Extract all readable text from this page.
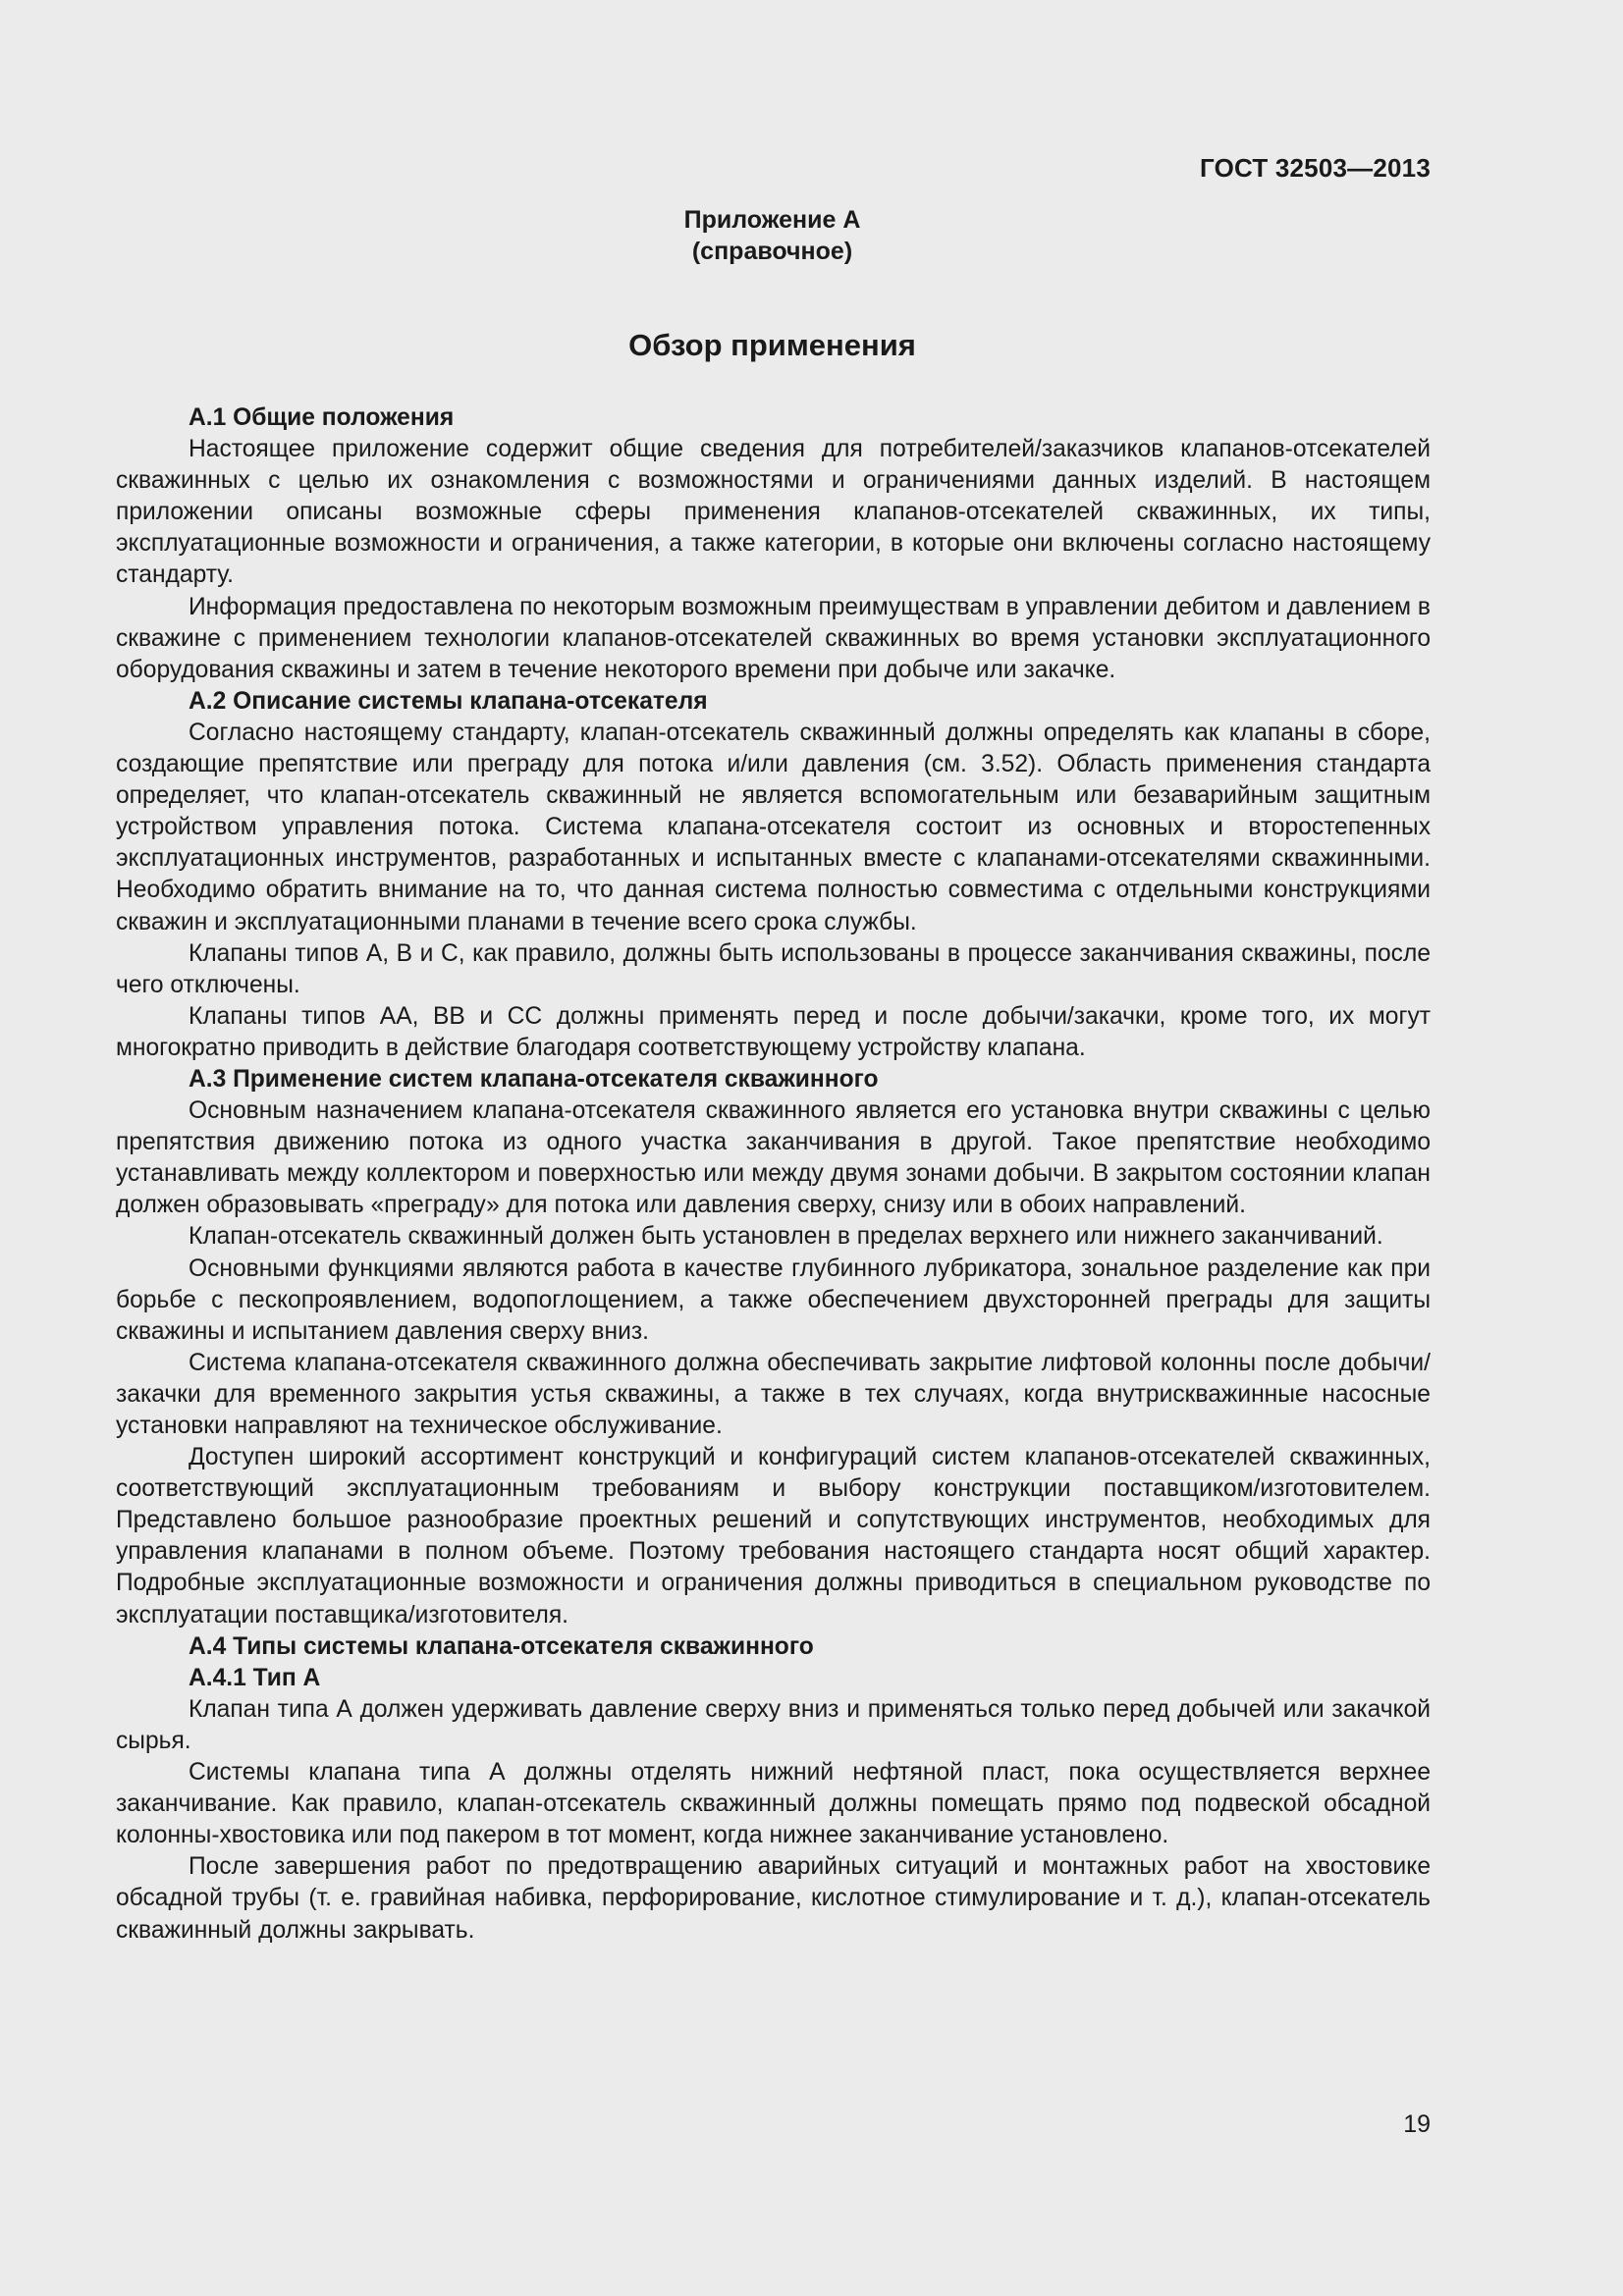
ГОСТ 32503—2013
Приложение А
(справочное)
Обзор применения
А.1 Общие положения

Настоящее приложение содержит общие сведения для потребителей/заказчиков клапанов-отсекателей скважинных с целью их ознакомления с возможностями и ограничениями данных изделий. В настоящем приложении описаны возможные сферы применения клапанов-отсекателей скважинных, их типы, эксплуатационные возможности и ограничения, а также категории, в которые они включены согласно настоящему стандарту.

Информация предоставлена по некоторым возможным преимуществам в управлении дебитом и давлением в скважине с применением технологии клапанов-отсекателей скважинных во время установки эксплуатационного оборудования скважины и затем в течение некоторого времени при добыче или закачке.

А.2 Описание системы клапана-отсекателя

Согласно настоящему стандарту, клапан-отсекатель скважинный должны определять как клапаны в сборе, создающие препятствие или преграду для потока и/или давления (см. 3.52). Область применения стандарта определяет, что клапан-отсекатель скважинный не является вспомогательным или безаварийным защитным устройством управления потока. Система клапана-отсекателя состоит из основных и второстепенных эксплуатационных инструментов, разработанных и испытанных вместе с клапанами-отсекателями скважинными. Необходимо обратить внимание на то, что данная система полностью совместима с отдельными конструкциями скважин и эксплуатационными планами в течение всего срока службы.

Клапаны типов А, В и С, как правило, должны быть использованы в процессе заканчивания скважины, после чего отключены.

Клапаны типов АА, ВВ и СС должны применять перед и после добычи/закачки, кроме того, их могут многократно приводить в действие благодаря соответствующему устройству клапана.

А.3 Применение систем клапана-отсекателя скважинного

Основным назначением клапана-отсекателя скважинного является его установка внутри скважины с целью препятствия движению потока из одного участка заканчивания в другой. Такое препятствие необходимо устанавливать между коллектором и поверхностью или между двумя зонами добычи. В закрытом состоянии клапан должен образовывать «преграду» для потока или давления сверху, снизу или в обоих направлений.

Клапан-отсекатель скважинный должен быть установлен в пределах верхнего или нижнего заканчиваний.

Основными функциями являются работа в качестве глубинного лубрикатора, зональное разделение как при борьбе с пескопроявлением, водопоглощением, а также обеспечением двухсторонней преграды для защиты скважины и испытанием давления сверху вниз.

Система клапана-отсекателя скважинного должна обеспечивать закрытие лифтовой колонны после добычи/закачки для временного закрытия устья скважины, а также в тех случаях, когда внутрискважинные насосные установки направляют на техническое обслуживание.

Доступен широкий ассортимент конструкций и конфигураций систем клапанов-отсекателей скважинных, соответствующий эксплуатационным требованиям и выбору конструкции поставщиком/изготовителем. Представлено большое разнообразие проектных решений и сопутствующих инструментов, необходимых для управления клапанами в полном объеме. Поэтому требования настоящего стандарта носят общий характер. Подробные эксплуатационные возможности и ограничения должны приводиться в специальном руководстве по эксплуатации поставщика/изготовителя.

А.4 Типы системы клапана-отсекателя скважинного
А.4.1 Тип А

Клапан типа А должен удерживать давление сверху вниз и применяться только перед добычей или закачкой сырья.

Системы клапана типа А должны отделять нижний нефтяной пласт, пока осуществляется верхнее заканчивание. Как правило, клапан-отсекатель скважинный должны помещать прямо под подвеской обсадной колонны-хвостовика или под пакером в тот момент, когда нижнее заканчивание установлено.

После завершения работ по предотвращению аварийных ситуаций и монтажных работ на хвостовике обсадной трубы (т. е. гравийная набивка, перфорирование, кислотное стимулирование и т. д.), клапан-отсекатель скважинный должны закрывать.

19
